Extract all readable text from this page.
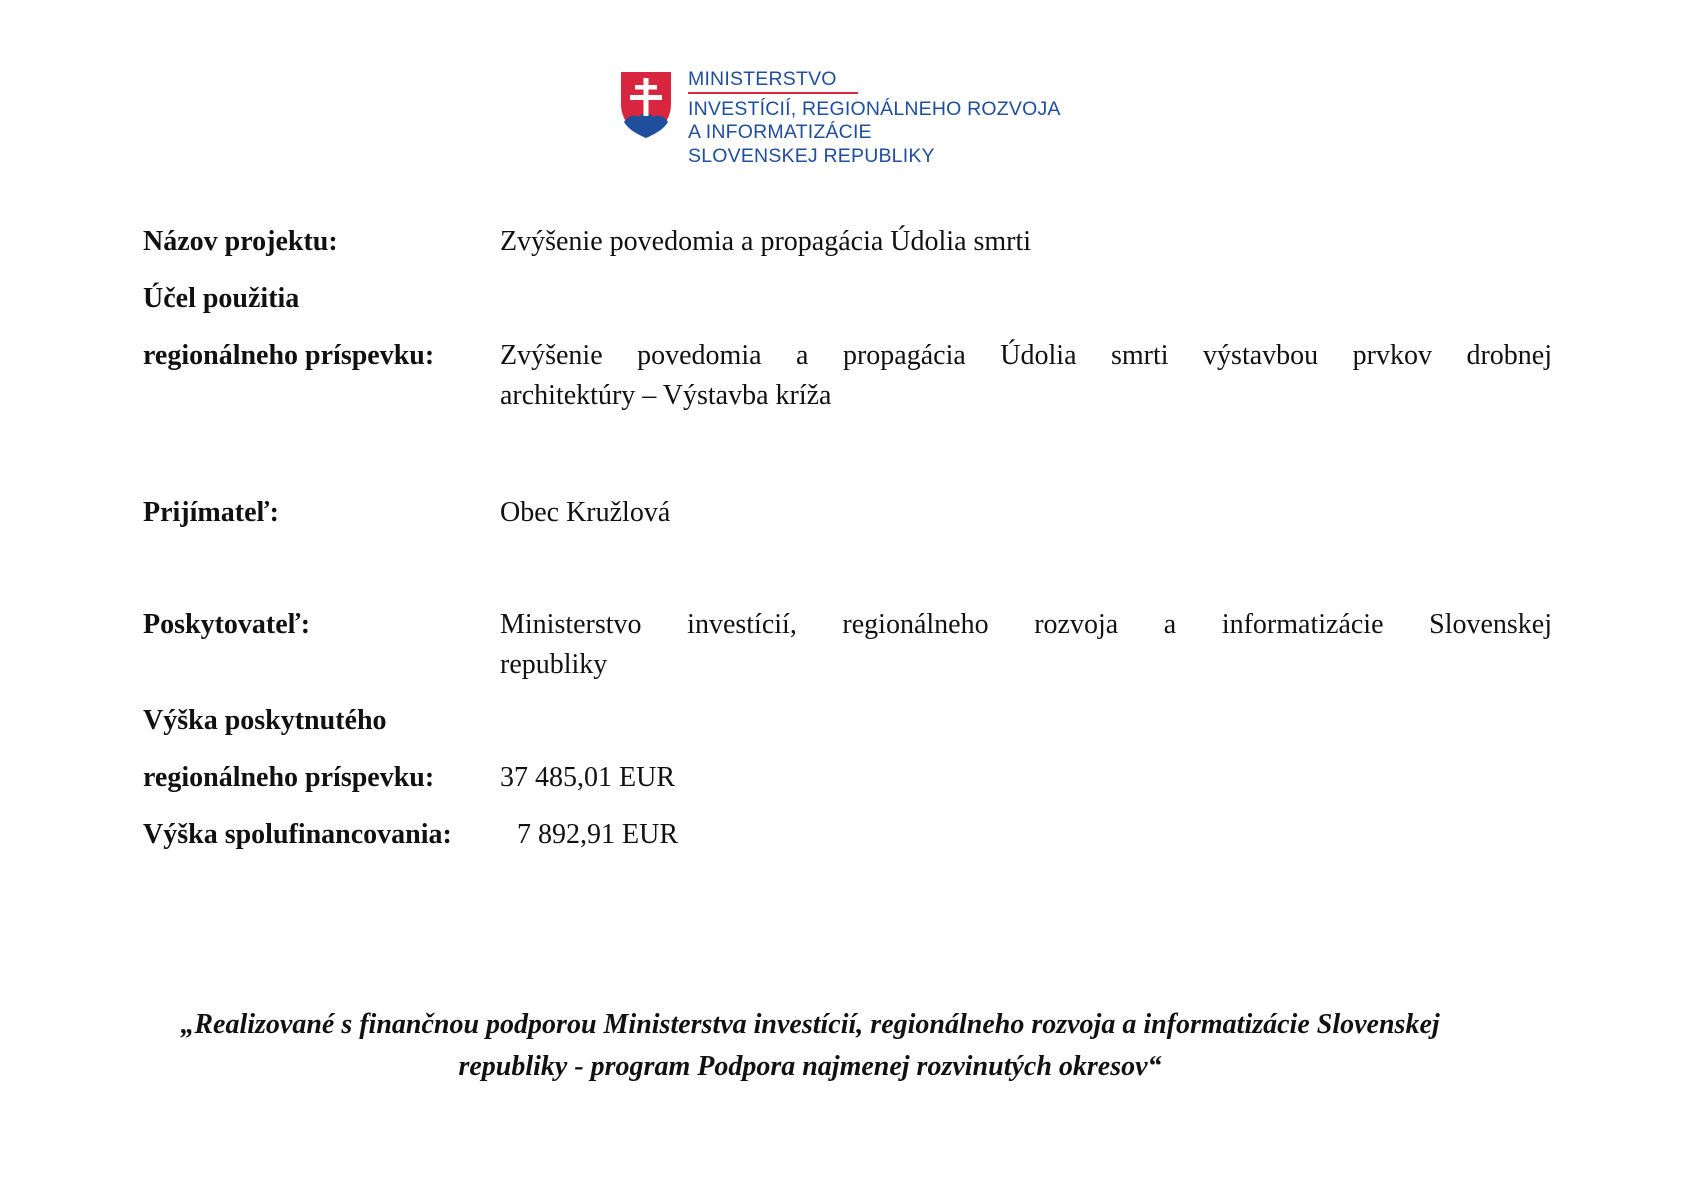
MINISTERSTVO
INVESTÍCIÍ, REGIONÁLNEHO ROZVOJA
A INFORMATIZÁCIE
SLOVENSKEJ REPUBLIKY
Názov projektu:	Zvýšenie povedomia a propagácia Údolia smrti
Účel použitia
regionálneho príspevku: Zvýšenie povedomia a propagácia Údolia smrti výstavbou prvkov drobnej
architektúry – Výstavba kríža
Prijímateľ:	Obec Kružlová
Poskytovateľ:	Ministerstvo investícií, regionálneho rozvoja a informatizácie Slovenskej
republiky
Výška poskytnutého
regionálneho príspevku: 37 485,01 EUR
Výška spolufinancovania: 7 892,91 EUR
„Realizované s finančnou podporou Ministerstva investícií, regionálneho rozvoja a informatizácie Slovenskej
republiky - program Podpora najmenej rozvinutých okresov“
